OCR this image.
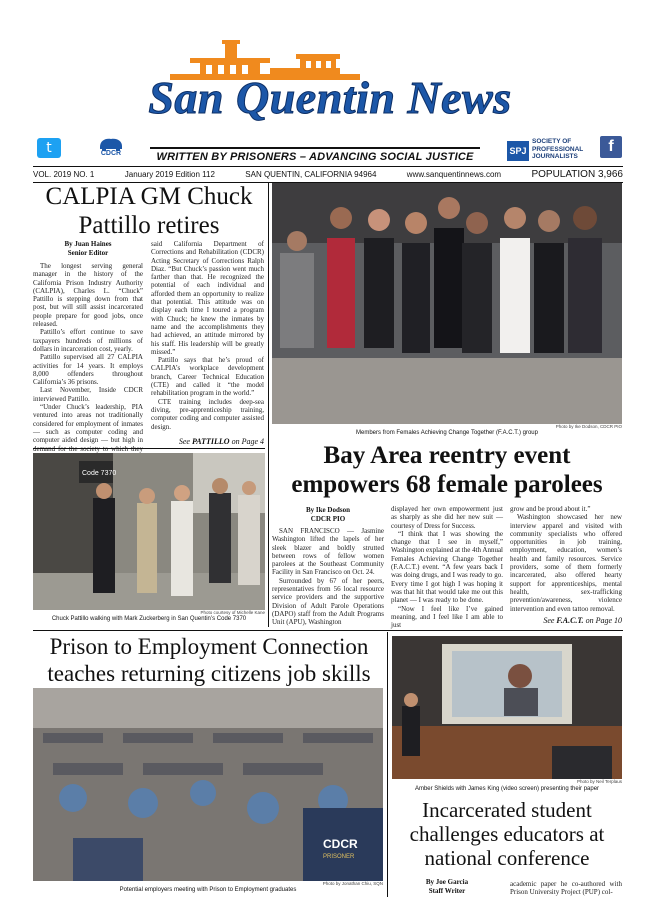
San Quentin News
t	CDCR	WRITTEN BY PRISONERS – ADVANCING SOCIAL JUSTICE	SPJ
SOCIETY OF PROFESSIONAL JOURNALISTS
f
VOL. 2019 NO. 1	January 2019 Edition 112	SAN QUENTIN, CALIFORNIA 94964	www.sanquentinnews.com	POPULATION 3,966
CALPIA GM Chuck Pattillo retires
By Juan Haines
Senior Editor

The longest serving general manager in the history of the California Prison Industry Authority (CALPIA), Charles L. “Chuck” Pattillo is stepping down from that post, but will still assist incarcerated people prepare for good jobs, once released.

Pattillo’s effort continue to save taxpayers hundreds of millions of dollars in incarceration cost, yearly.

Pattillo supervised all 27 CALPIA activities for 14 years. It employs 8,000 offenders throughout California’s 36 prisons.

Last November, Inside CDCR interviewed Pattillo.

“Under Chuck’s leadership, PIA ventured into areas not traditionally considered for employment of inmates — such as computer coding and computer aided design — but high in

said California Department of Corrections and Rehabilitation (CDCR) Acting Secretary of Corrections Ralph Diaz. “But Chuck’s passion went much farther than that. He recognized the potential of each individual and afforded them an opportunity to realize that potential. This attitude was on display each time I toured a program with Chuck; he knew the inmates by name and the accomplishments they had achieved, an attitude mirrored by his staff. His leadership will be greatly missed.”

Pattillo says that he’s proud of CALPIA’s workplace development branch, Career Technical Education (CTE) and called it “the model rehabilitation program in the world.”

CTE training includes deep-sea diving, pre-apprenticeship training, computer coding and computer assisted design.

See PATTILLO on Page 4
Photo by Ike Dodson, CDCR PIO
Members from Females Achieving Change Together (F.A.C.T.) group
Bay Area reentry event empowers 68 female parolees
By Ike Dodson
CDCR PIO

SAN FRANCISCO — Jasmine Washington lifted the lapels of her sleek blazer and boldly strutted between rows of fellow women parolees at the Southeast Community Facility in San Francisco on Oct. 24.

Surrounded by 67 of her peers, representatives from 56 local resource service providers and the supportive Division of Adult Parole Operations (DAPO) staff from the Adult Programs Unit (APU), Washington

displayed her own empowerment just as sharply as she did her new suit — courtesy of Dress for Success.

“I think that I was showing the change that I see in myself,” Washington explained at the 4th Annual Females Achieving Change Together (F.A.C.T.) event. “A few years back I was doing drugs, and I was ready to go. Every time I got high I was hoping it was that hit that would take me out this planet — I was ready to be done.

“Now I feel like I’ve gained meaning, and I feel like I am able to just

grow and be proud about it.”

Washington showcased her new interview apparel and visited with community specialists who offered opportunities in job training, employment, education, women’s health and family resources. Service providers, some of them formerly incarcerated, also offered hearty support for apprenticeships, mental health, sex-trafficking prevention/awareness, violence intervention and even tattoo removal.

See F.A.C.T. on Page 10
Code 7370
Photo courtesy of Michelle Kane
Chuck Pattillo walking with Mark Zuckerberg in San Quentin’s Code 7370
Prison to Employment Connection teaches returning citizens job skills
CDCR
PRISONER
Photo by Jonathan Chiu, SQN
Potential employers meeting with Prison to Employment graduates
Photo by Neil Terplaus
Amber Shields with James King (video screen) presenting their paper
Incarcerated student challenges educators at national conference
By Joe Garcia
Staff Writer

academic paper he co-authored with Prison University Project (PUP) col-
